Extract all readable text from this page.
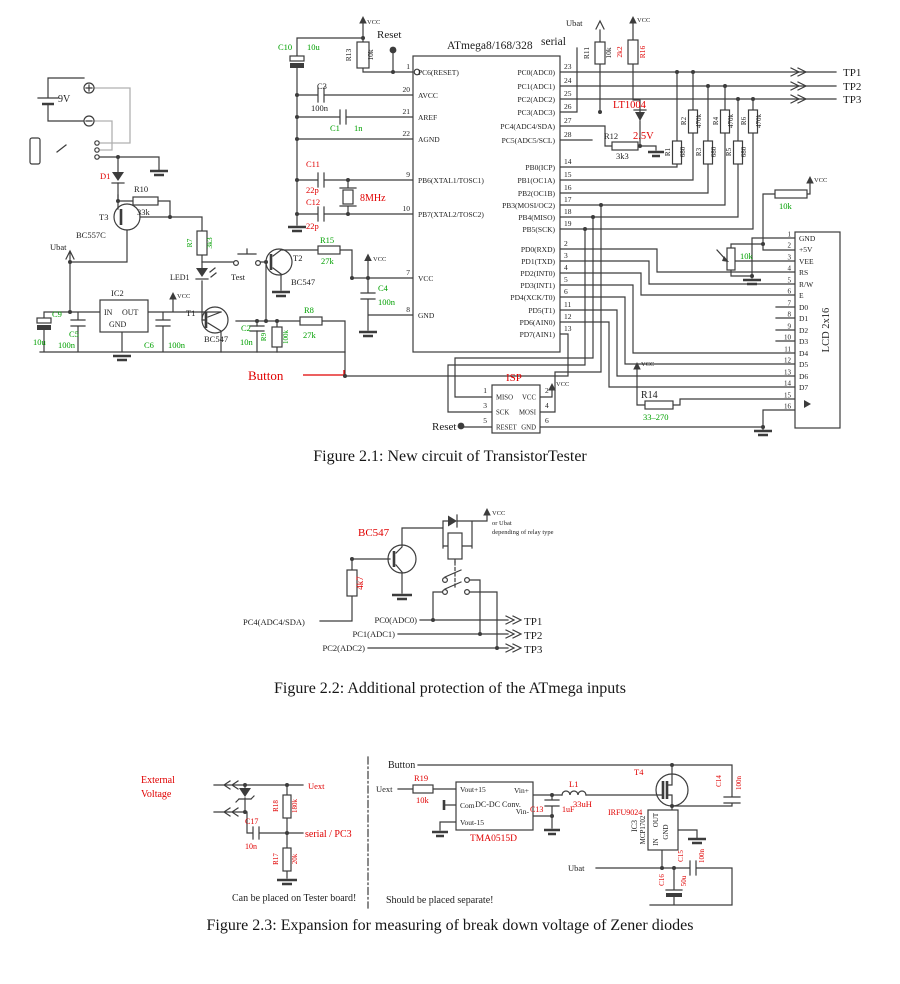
9V
D1
R10
33k
T3
BC557C
Ubat	R7 3k3
LED1	Test
T2
BC547
R15
27k
IC2
IN OUT
GND
VCC
T1
BC547
C9
10u
C5
100n	C6 100n
C2
10n R9 100k
R8
27k
Button
C10 10u
R13 10k
VCC
Reset
C3
100n
C1 1n
C11
22p
8MHz
C12
22p
serial
Ubat
R11 10k
VCC
2k2 R16
LT1004
R12 2.5V
3k3
R2 470k R4 470k R6 470k
R1 680 R3 680 R5 680
TP1
TP2
TP3
10k
VCC
10k
Reset
VCC
VCC
R14
33–270
VCC
C4
100n
BC547
4k7
VCC
or Ubat
depending of relay type
PC4(ADC4/SDA)	PC0(ADC0)
PC1(ADC1)
PC2(ADC2)
TP1
TP2
TP3
External
Voltage
Uext
R18 180k
C17
10n
serial / PC3
R17 20k
Can be placed on Tester board!
Button
Uext
R19
10k
Vout+15
Com
Vout-15
Vin+
Vin-
DC-DC Conv.
TMA0515D
C13 1uF
L1
33uH
T4
IRFU9024
C14 100n
IC3 MCP1702 OUT
IN
GND
C15 100n
C16 50u
Ubat
Should be placed separate!
ATmega8/168/328
1
PC6(RESET)
20
AVCC
21
AREF
22
AGND
9
PB6(XTAL1/TOSC1)
10
PB7(XTAL2/TOSC2)
7
VCC
8
GND
23
PC0(ADC0)
24
PC1(ADC1)
25
PC2(ADC2)
26
PC3(ADC3)
27
PC4(ADC4/SDA)
28
PC5(ADC5/SCL)
14
PB0(ICP)
15
PB1(OC1A)
16
PB2(OC1B)
17
PB3(MOSI/OC2)
18
PB4(MISO)
19
PB5(SCK)
2
PD0(RXD)
3
PD1(TXD)
4
PD2(INT0)
5
PD3(INT1)
6
PD4(XCK/T0)
11
PD5(T1)
12
PD6(AIN0)
13
PD7(AIN1)	LCD 2x16
1 GND
2 +5V
3 VEE
4 RS
5 R/W
6 E
7 D0
8 D1
9 D2
10 D3
11 D4
12 D5
13 D6
14 D7
15
16
ISP
1
MISO
3
SCK
5
RESET
2
VCC
4
MOSI
6
GND
Figure 2.1: New circuit of TransistorTester
Figure 2.2: Additional protection of the ATmega inputs
Figure 2.3: Expansion for measuring of break down voltage of Zener diodes
